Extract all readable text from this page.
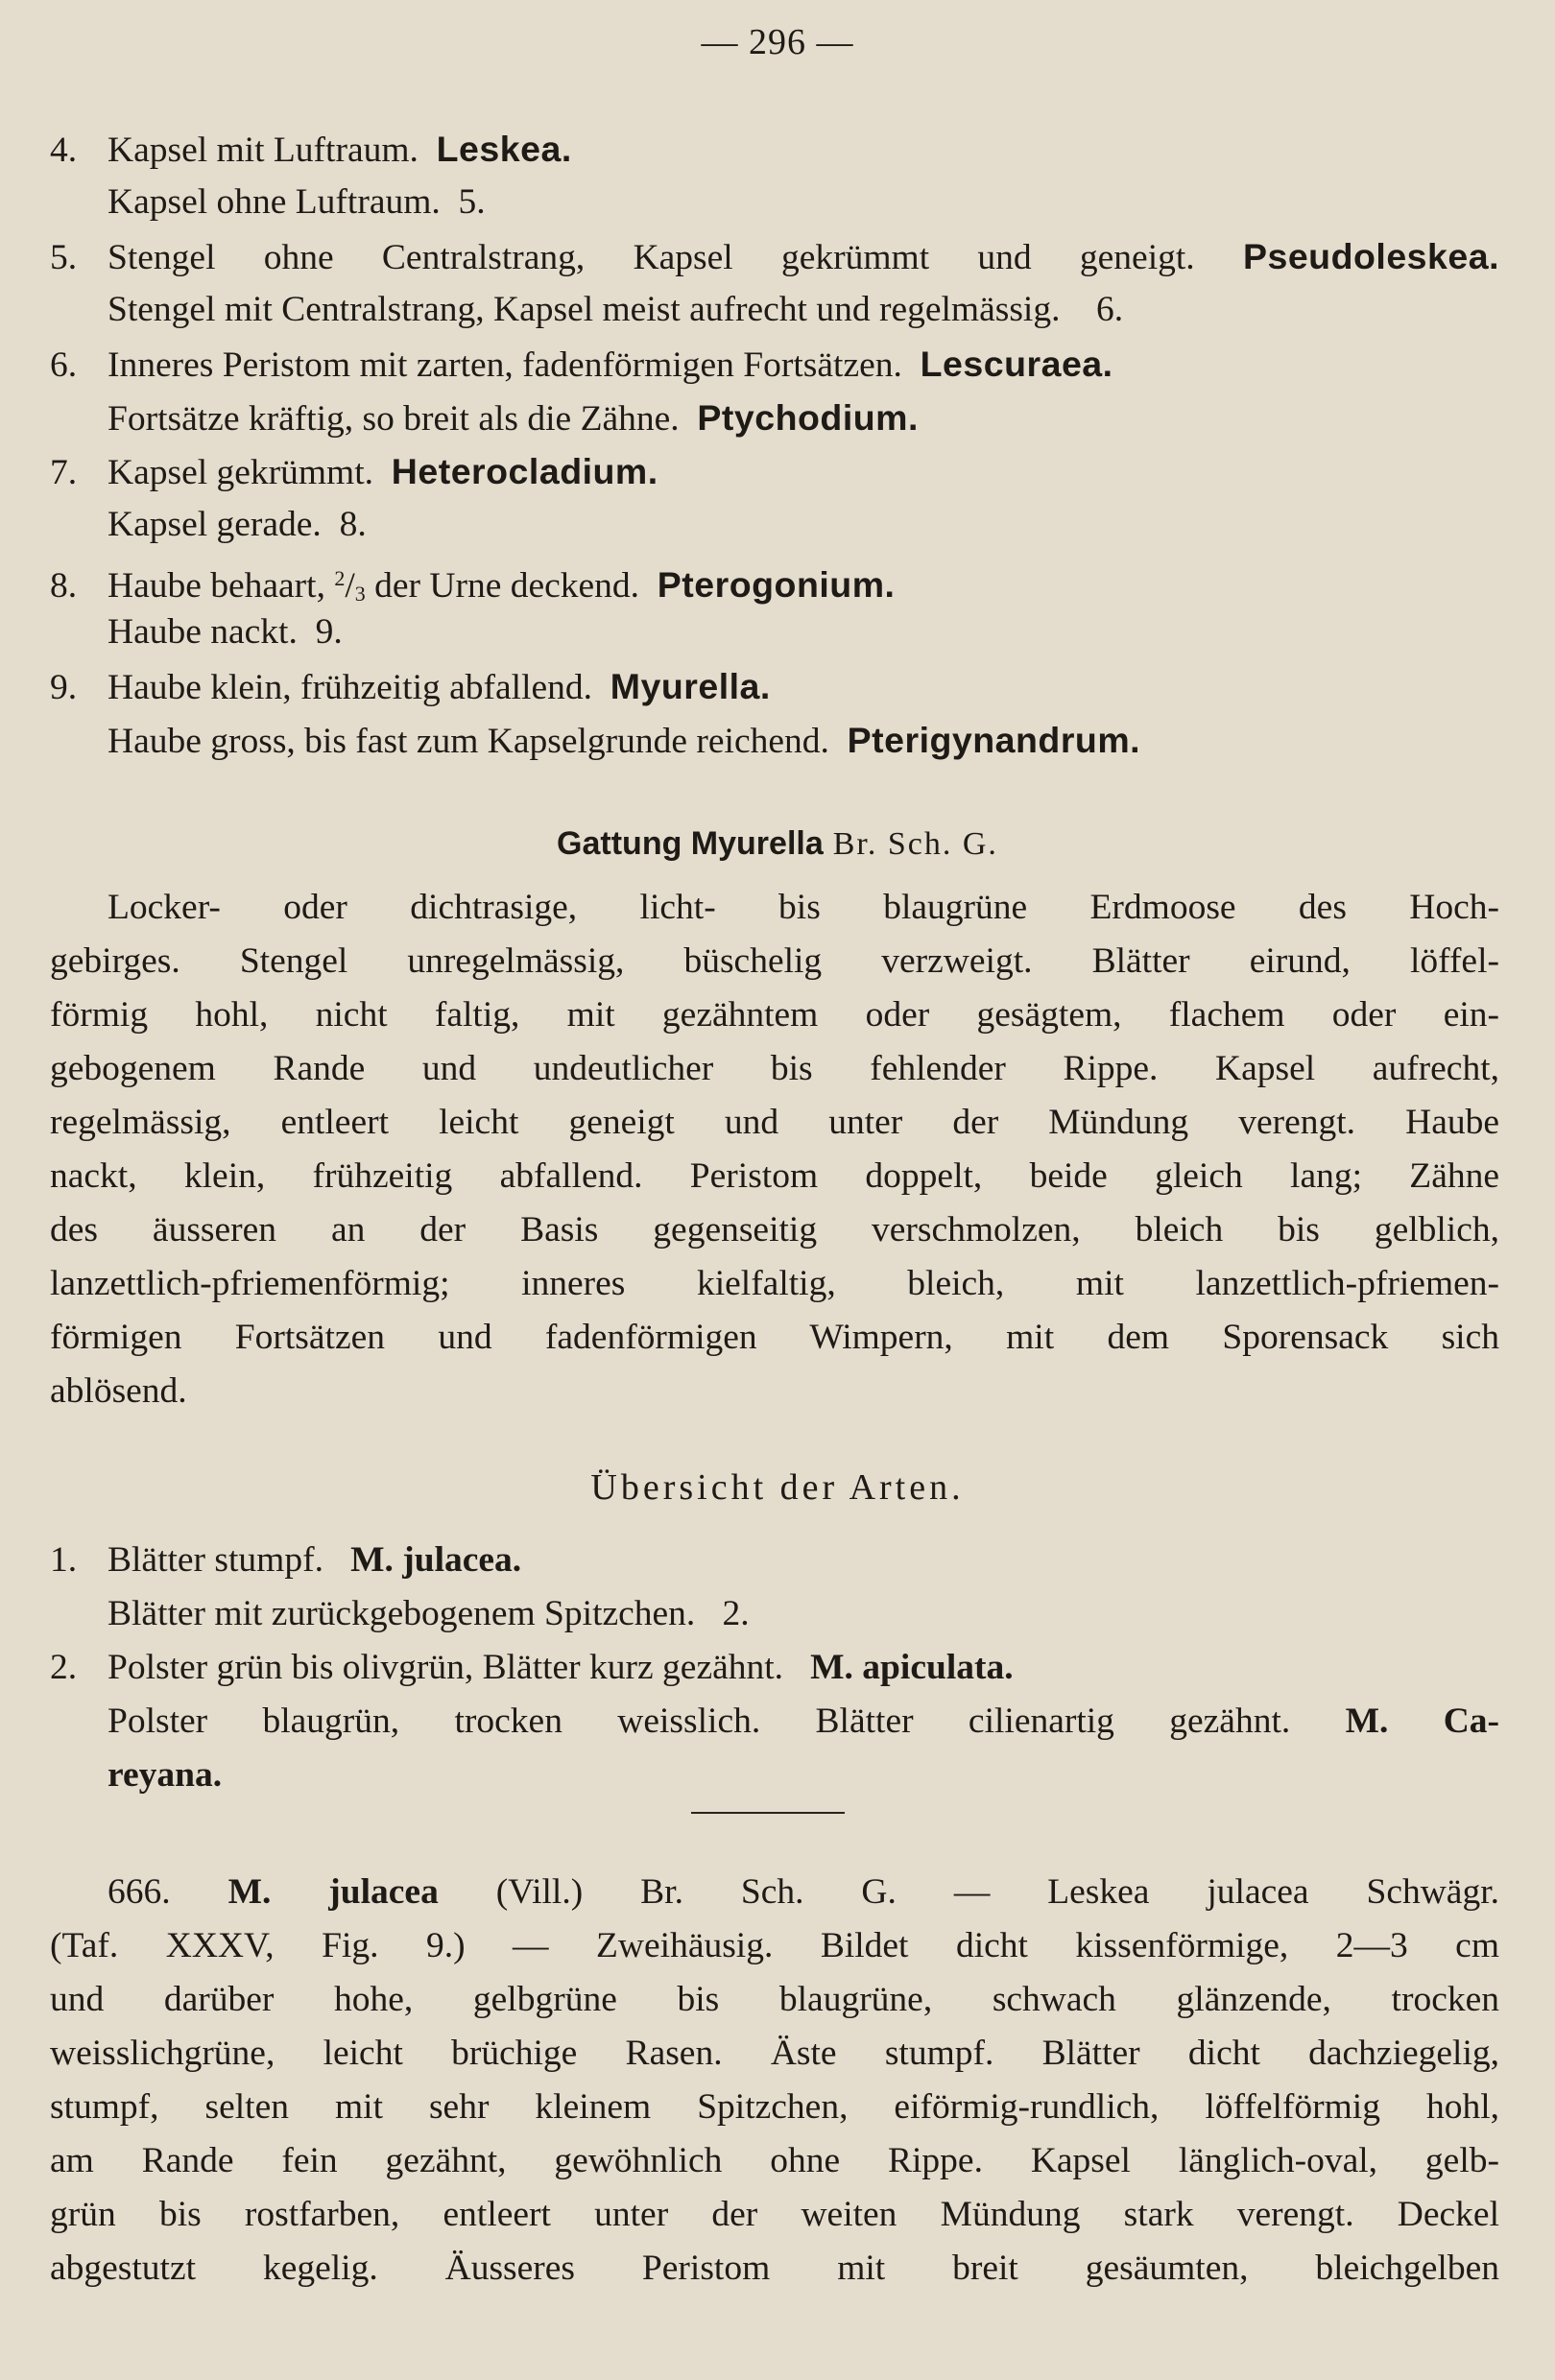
— 296 —
4. Kapsel mit Luftraum. Leskea.
Kapsel ohne Luftraum. 5.
5. Stengel ohne Centralstrang, Kapsel gekrümmt und geneigt. Pseudoleskea.
Stengel mit Centralstrang, Kapsel meist aufrecht und regelmässig. 6.
6. Inneres Peristom mit zarten, fadenförmigen Fortsätzen. Lescuraea.
Fortsätze kräftig, so breit als die Zähne. Ptychodium.
7. Kapsel gekrümmt. Heterocladium.
Kapsel gerade. 8.
8. Haube behaart, $^2/_3$ der Urne deckend. Pterogonium.
Haube nackt. 9.
9. Haube klein, frühzeitig abfallend. Myurella.
Haube gross, bis fast zum Kapselgrunde reichend. Pterigynandrum.
Gattung Myurella Br. Sch. G.
Locker- oder dichtrasige, licht- bis blaugrüne Erdmoose des Hoch-
gebirges. Stengel unregelmässig, büschelig verzweigt. Blätter eirund, löffel-
förmig hohl, nicht faltig, mit gezähntem oder gesägtem, flachem oder ein-
gebogenem Rande und undeutlicher bis fehlender Rippe. Kapsel aufrecht,
regelmässig, entleert leicht geneigt und unter der Mündung verengt. Haube
nackt, klein, frühzeitig abfallend. Peristom doppelt, beide gleich lang; Zähne
des äusseren an der Basis gegenseitig verschmolzen, bleich bis gelblich,
lanzettlich-pfriemenförmig; inneres kielfaltig, bleich, mit lanzettlich-pfriemen-
förmigen Fortsätzen und fadenförmigen Wimpern, mit dem Sporensack sich
ablösend.
Übersicht der Arten.
1. Blätter stumpf. M. julacea.
Blätter mit zurückgebogenem Spitzchen. 2.
2. Polster grün bis olivgrün, Blätter kurz gezähnt. M. apiculata.
Polster blaugrün, trocken weisslich. Blätter cilienartig gezähnt. M. Ca-
reyana.
666. M. julacea (Vill.) Br. Sch. G. — Leskea julacea Schwägr.
(Taf. XXXV, Fig. 9.) — Zweihäusig. Bildet dicht kissenförmige, 2—3 cm
und darüber hohe, gelbgrüne bis blaugrüne, schwach glänzende, trocken
weisslichgrüne, leicht brüchige Rasen. Äste stumpf. Blätter dicht dachziegelig,
stumpf, selten mit sehr kleinem Spitzchen, eiförmig-rundlich, löffelförmig hohl,
am Rande fein gezähnt, gewöhnlich ohne Rippe. Kapsel länglich-oval, gelb-
grün bis rostfarben, entleert unter der weiten Mündung stark verengt. Deckel
abgestutzt kegelig. Äusseres Peristom mit breit gesäumten, bleichgelben
